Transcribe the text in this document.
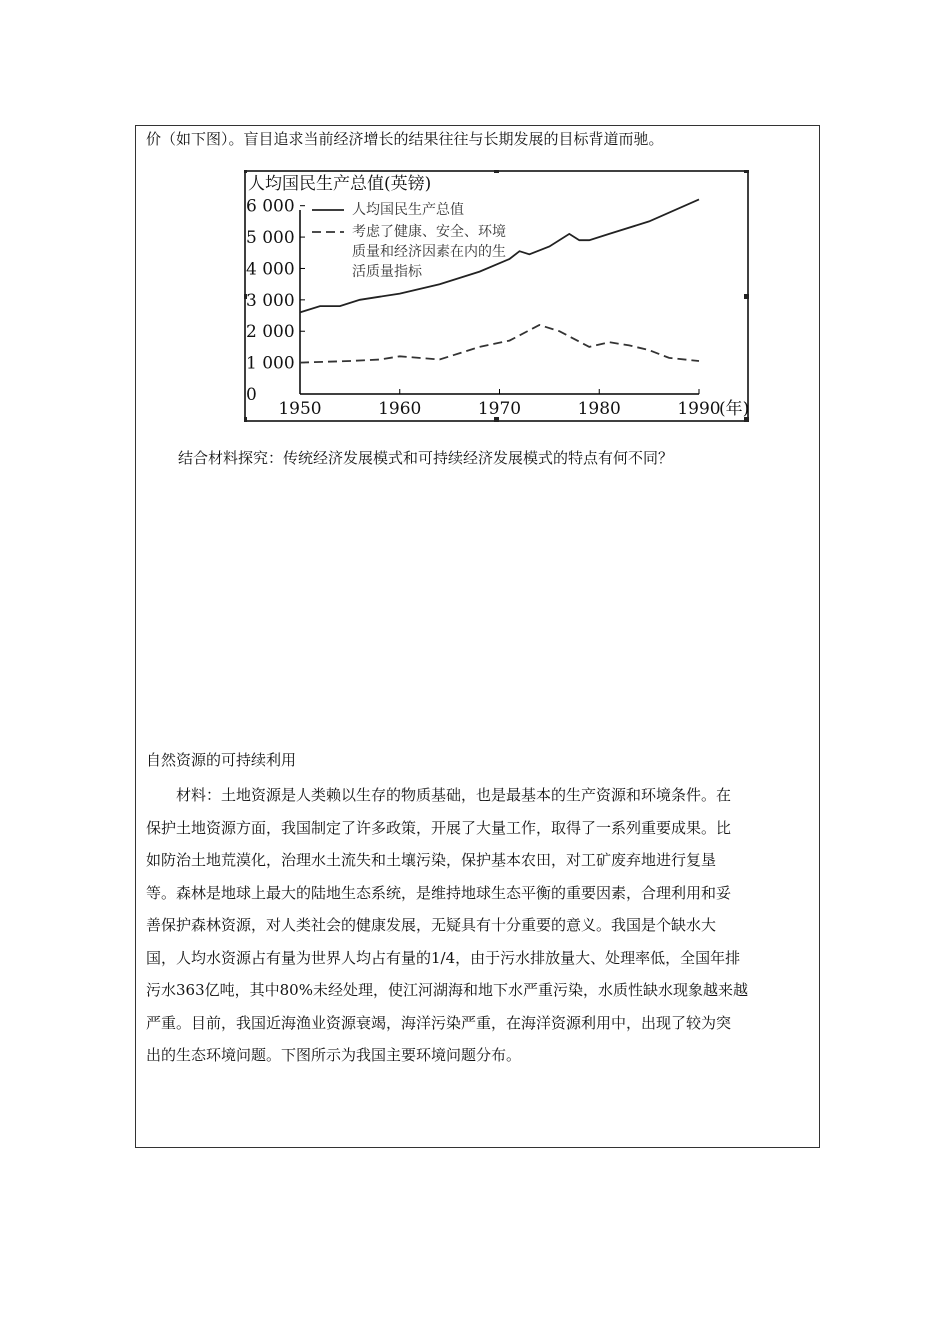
价（如下图）。盲目追求当前经济增长的结果往往与长期发展的目标背道而驰。
人均国民生产总值(英镑)
0
1 000
2 000
3 000
4 000
5 000
6 000
1950	1960	1970	1980	1990
(年)
人均国民生产总值
考虑了健康、安全、环境
质量和经济因素在内的生
活质量指标
结合材料探究：传统经济发展模式和可持续经济发展模式的特点有何不同？
自然资源的可持续利用
材料：土地资源是人类赖以生存的物质基础，也是最基本的生产资源和环境条件。在
保护土地资源方面，我国制定了许多政策，开展了大量工作，取得了一系列重要成果。比
如防治土地荒漠化，治理水土流失和土壤污染，保护基本农田，对工矿废弃地进行复垦
等。森林是地球上最大的陆地生态系统，是维持地球生态平衡的重要因素，合理利用和妥
善保护森林资源，对人类社会的健康发展，无疑具有十分重要的意义。我国是个缺水大
国，人均水资源占有量为世界人均占有量的1/4，由于污水排放量大、处理率低，全国年排
污水363亿吨，其中80%未经处理，使江河湖海和地下水严重污染，水质性缺水现象越来越
严重。目前，我国近海渔业资源衰竭，海洋污染严重，在海洋资源利用中，出现了较为突
出的生态环境问题。下图所示为我国主要环境问题分布。
